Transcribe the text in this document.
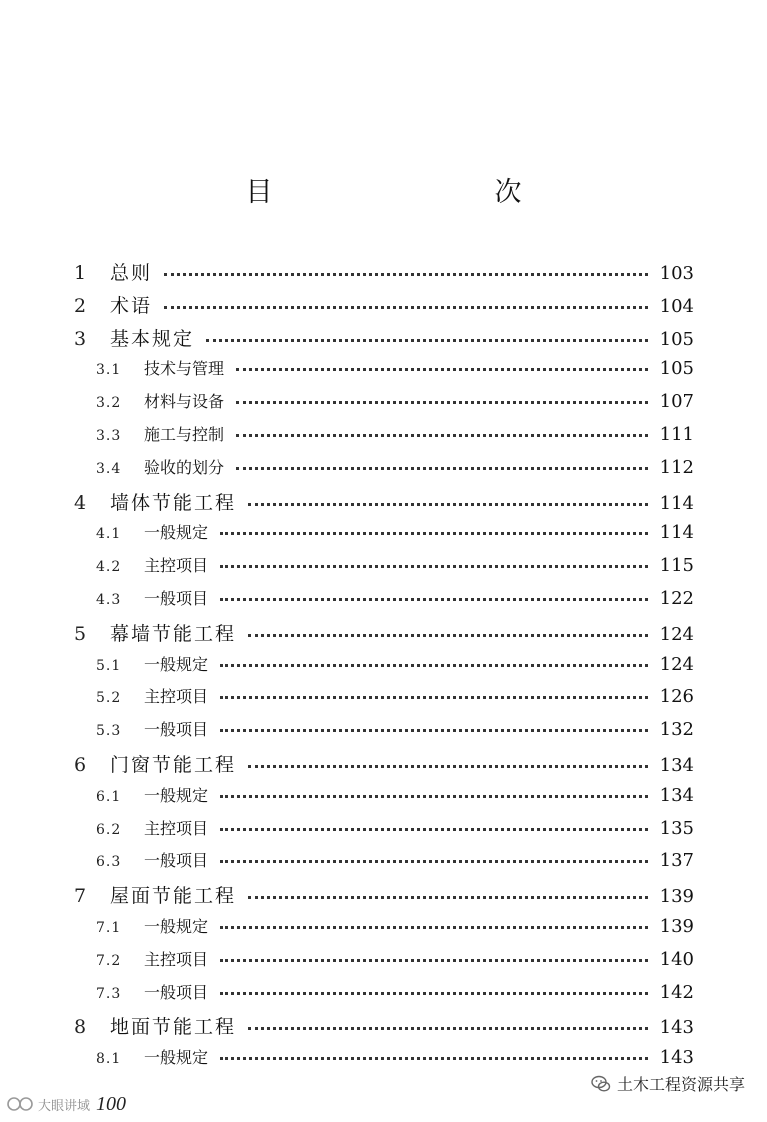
目　　次
1	总则	103
2	术语	104
3	基本规定	105
3.1	技术与管理	105
3.2	材料与设备	107
3.3	施工与控制	111
3.4	验收的划分	112
4	墙体节能工程	114
4.1	一般规定	114
4.2	主控项目	115
4.3	一般项目	122
5	幕墙节能工程	124
5.1	一般规定	124
5.2	主控项目	126
5.3	一般项目	132
6	门窗节能工程	134
6.1	一般规定	134
6.2	主控项目	135
6.3	一般项目	137
7	屋面节能工程	139
7.1	一般规定	139
7.2	主控项目	140
7.3	一般项目	142
8	地面节能工程	143
8.1	一般规定	143
大眼讲域 100
土木工程资源共享
